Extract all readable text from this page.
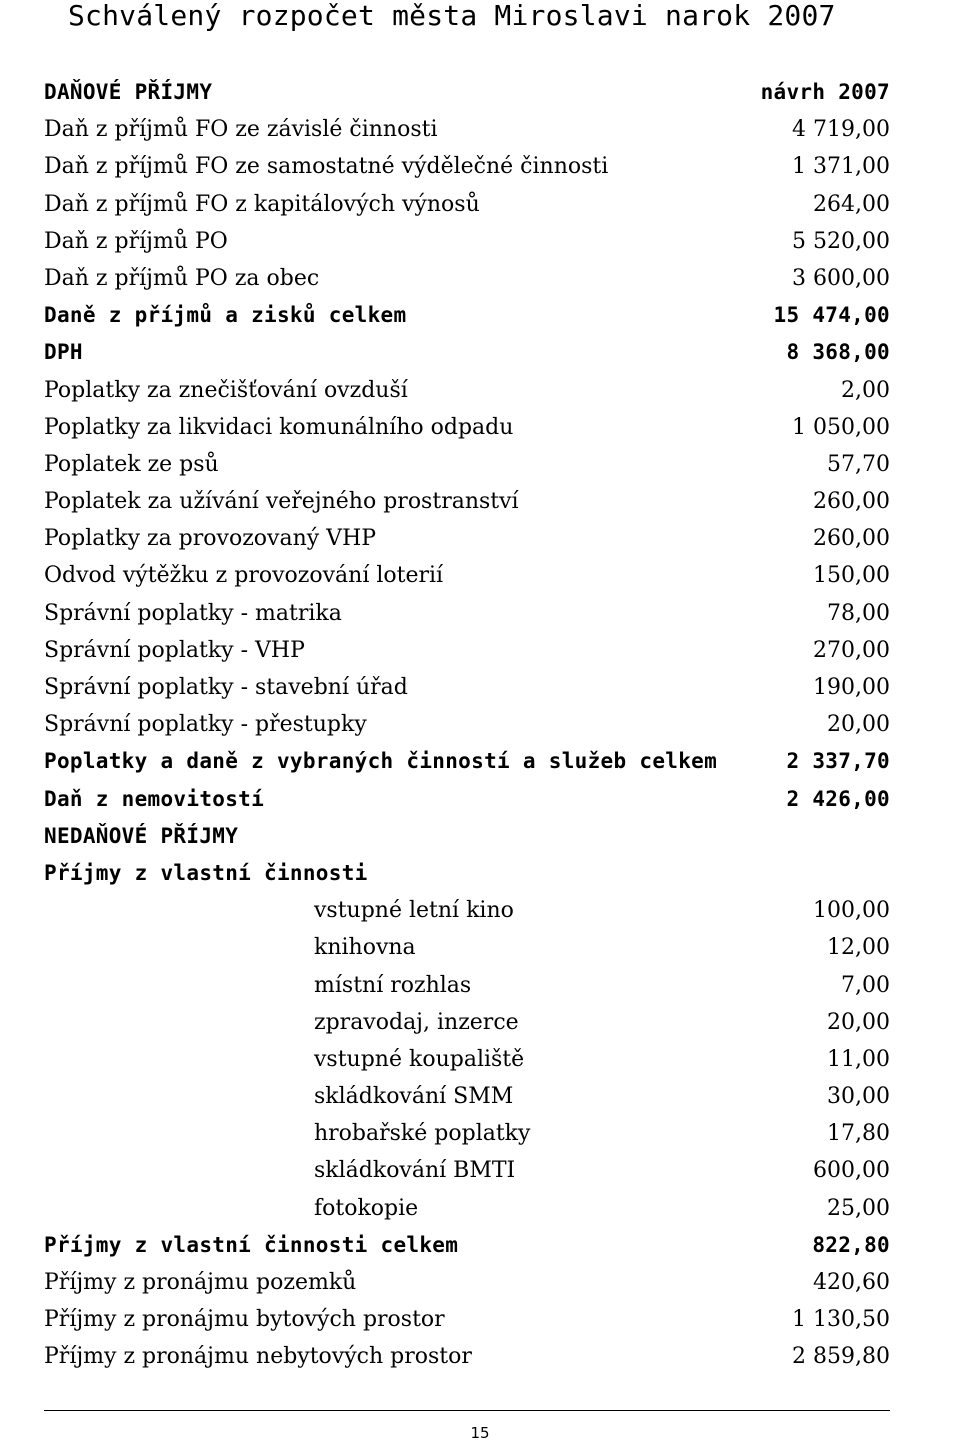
Schválený rozpočet města Miroslavi narok 2007
DAŇOVÉ PŘÍJMY	návrh 2007
Daň z příjmů FO ze závislé činnosti	4 719,00
Daň z příjmů FO ze samostatné výdělečné činnosti	1 371,00
Daň z příjmů FO z kapitálových výnosů	264,00
Daň z příjmů PO	5 520,00
Daň z příjmů PO za obec	3 600,00
Daně z příjmů a zisků celkem	15 474,00
DPH	8 368,00
Poplatky za znečišťování ovzduší	2,00
Poplatky za likvidaci komunálního odpadu	1 050,00
Poplatek ze psů	57,70
Poplatek za užívání veřejného prostranství	260,00
Poplatky za provozovaný VHP	260,00
Odvod výtěžku z provozování loterií	150,00
Správní poplatky - matrika	78,00
Správní poplatky - VHP	270,00
Správní poplatky - stavební úřad	190,00
Správní poplatky - přestupky	20,00
Poplatky a daně z vybraných činností a služeb celkem	2 337,70
Daň z nemovitostí	2 426,00
NEDAŇOVÉ PŘÍJMY
Příjmy z vlastní činnosti
vstupné letní kino	100,00
knihovna	12,00
místní rozhlas	7,00
zpravodaj, inzerce	20,00
vstupné koupaliště	11,00
skládkování SMM	30,00
hrobařské poplatky	17,80
skládkování BMTI	600,00
fotokopie	25,00
Příjmy z vlastní činnosti celkem	822,80
Příjmy z pronájmu pozemků	420,60
Příjmy z pronájmu bytových prostor	1 130,50
Příjmy z pronájmu nebytových prostor	2 859,80
15
